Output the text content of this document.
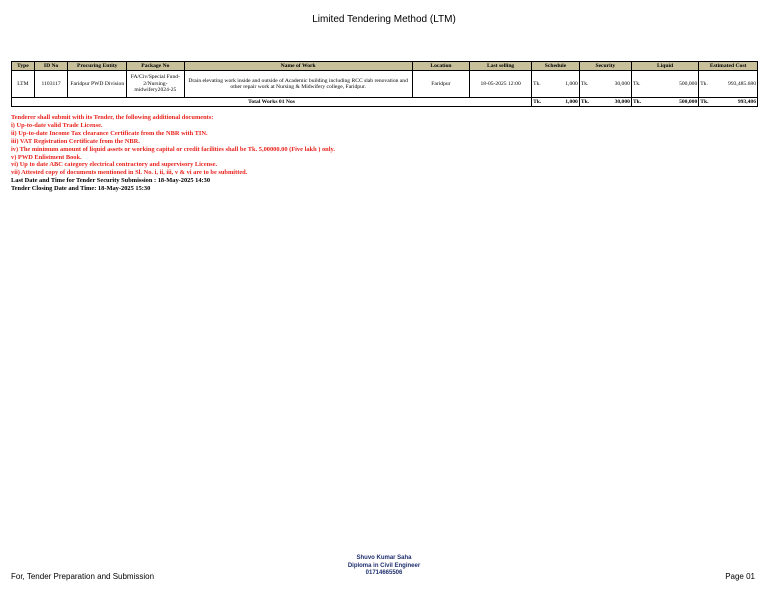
Limited Tendering Method (LTM)
Type	ID No	Procuring Entity	Package No	Name of Work	Location	Last selling	Schedule		Security		Liquid		Estimated Cost	
LTM	1103117	Faridpur PWD Division	FA/Civ/Special Fund-2/Nursing-midwifery2024-25	Drain elevating work inside and outside of Academic building including RCC slab renovation and other repair work at Nursing & Midwifery college, Faridpur.	Faridpur	18-05-2025 12:00	Tk.	1,000	Tk.	30,000	Tk.	500,000	Tk.	993,485.680
Total Works 01 Nos							Tk.	1,000	Tk.	30,000	Tk.	500,000	Tk.	993,486
Tenderer shall submit with its Tender, the following additional documents:
i) Up-to-date valid Trade License.
ii) Up-to-date Income Tax clearance Certificate from the NBR with TIN.
iii) VAT Registration Certificate from the NBR.
iv) The minimum amount of liquid assets or working capital or credit facilities shall be Tk. 5,00000.00 (Five lakh ) only.
v) PWD Enlistment Book.
vi) Up to date ABC category electrical contractory and supervisory License.
vii) Attested copy of documents mentioned in Sl. No. i, ii, iii, v & vi are to be submitted.
Last Date and Time for Tender Security Submission : 18-May-2025 14:30
Tender Closing Date and Time: 18-May-2025 15:30
Shuvo Kumar Saha
Diploma in Civil Engineer
01714665506
For, Tender Preparation and Submission	Page 01
